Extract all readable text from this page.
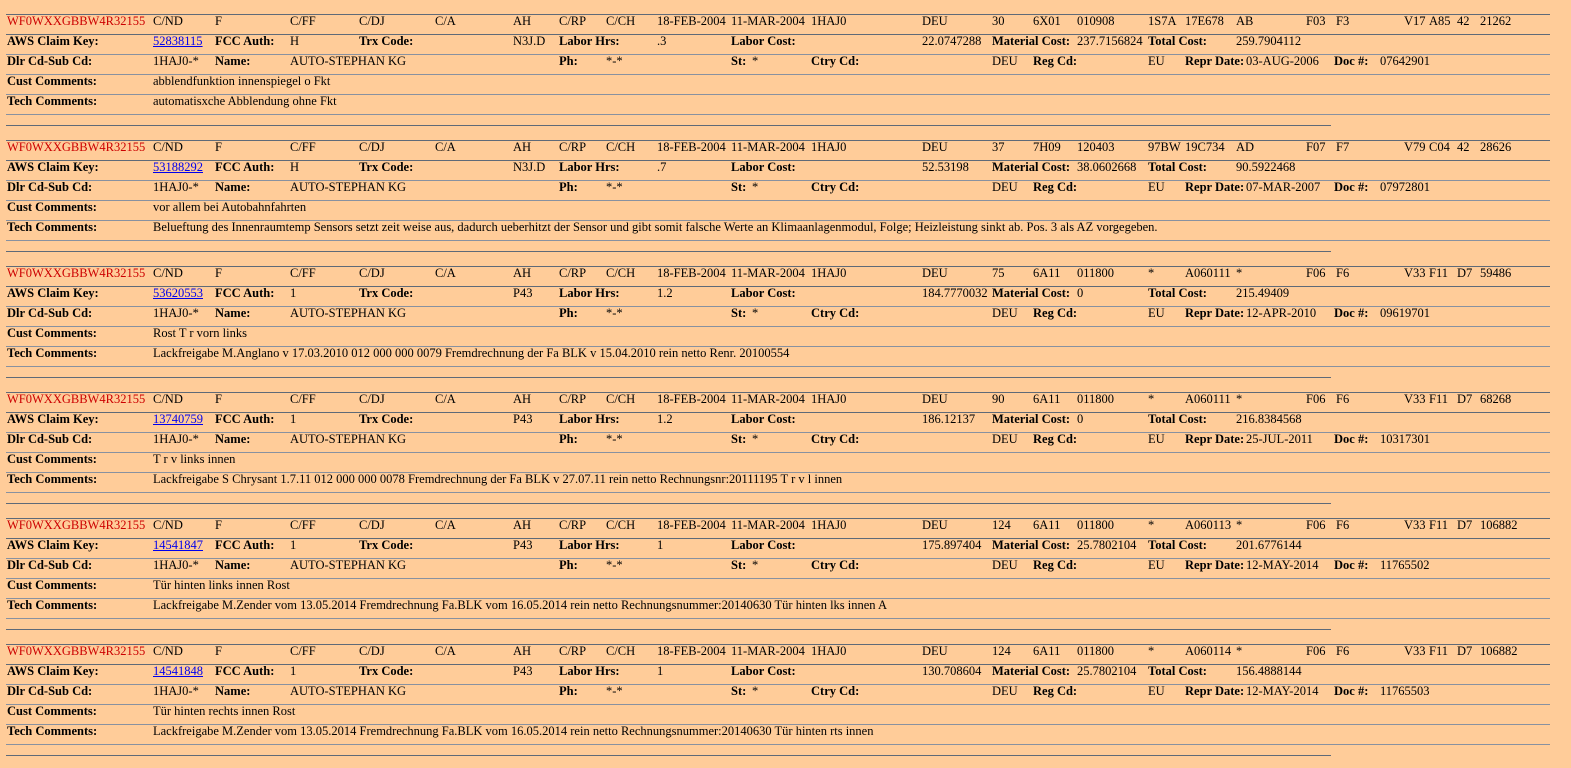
WF0WXXGBBW4R32155 C/ND	F	C/FF	C/DJ	C/A	AH C/RP C/CH 18-FEB-2004 11-MAR-2004 1HAJ0	DEU	30 6X01 010908	1S7A 17E678 AB	F03 F3	V17 A85 42 21262
AWS Claim Key:	52838115 FCC Auth: H	Trx Code:	N3J.D Labor Hrs:	.3	Labor Cost:	22.0747288 Material Cost: 237.7156824 Total Cost: 259.7904112
Dlr Cd-Sub Cd:	1HAJ0-* Name:	AUTO-STEPHAN KG	Ph: *-*	St: *	Ctry Cd:	DEU Reg Cd:	EU Repr Date: 03-AUG-2006 Doc #: 07642901
Cust Comments:	abblendfunktion innenspiegel o Fkt
Tech Comments:	automatisxche Abblendung ohne Fkt
WF0WXXGBBW4R32155 C/ND	F	C/FF	C/DJ	C/A	AH C/RP C/CH 18-FEB-2004 11-MAR-2004 1HAJ0	DEU	37 7H09 120403	97BW 19C734 AD	F07 F7	V79 C04 42 28626
AWS Claim Key:	53188292 FCC Auth: H	Trx Code:	N3J.D Labor Hrs:	.7	Labor Cost:	52.53198 Material Cost: 38.0602668 Total Cost: 90.5922468
Dlr Cd-Sub Cd:	1HAJ0-* Name:	AUTO-STEPHAN KG	Ph: *-*	St: *	Ctry Cd:	DEU Reg Cd:	EU Repr Date: 07-MAR-2007 Doc #: 07972801
Cust Comments:	vor allem bei Autobahnfahrten
Tech Comments:	Belueftung des Innenraumtemp Sensors setzt zeit weise aus, dadurch ueberhitzt der Sensor und gibt somit falsche Werte an Klimaanlagenmodul, Folge; Heizleistung sinkt ab. Pos. 3 als AZ vorgegeben.
WF0WXXGBBW4R32155 C/ND	F	C/FF	C/DJ	C/A	AH C/RP C/CH 18-FEB-2004 11-MAR-2004 1HAJ0	DEU	75 6A11 011800	* A060111 *	F06 F6	V33 F11 D7 59486
AWS Claim Key:	53620553 FCC Auth: 1	Trx Code:	P43 Labor Hrs:	1.2	Labor Cost:	184.7770032 Material Cost: 0	Total Cost: 215.49409
Dlr Cd-Sub Cd:	1HAJ0-* Name:	AUTO-STEPHAN KG	Ph: *-*	St: *	Ctry Cd:	DEU Reg Cd:	EU Repr Date: 12-APR-2010 Doc #: 09619701
Cust Comments:	Rost T r vorn links
Tech Comments:	Lackfreigabe M.Anglano v 17.03.2010 012 000 000 0079 Fremdrechnung der Fa BLK v 15.04.2010 rein netto Renr. 20100554
WF0WXXGBBW4R32155 C/ND	F	C/FF	C/DJ	C/A	AH C/RP C/CH 18-FEB-2004 11-MAR-2004 1HAJ0	DEU	90 6A11 011800	* A060111 *	F06 F6	V33 F11 D7 68268
AWS Claim Key:	13740759 FCC Auth: 1	Trx Code:	P43 Labor Hrs:	1.2	Labor Cost:	186.12137 Material Cost: 0	Total Cost: 216.8384568
Dlr Cd-Sub Cd:	1HAJ0-* Name:	AUTO-STEPHAN KG	Ph: *-*	St: *	Ctry Cd:	DEU Reg Cd:	EU Repr Date: 25-JUL-2011 Doc #: 10317301
Cust Comments:	T r v links innen
Tech Comments:	Lackfreigabe S Chrysant 1.7.11 012 000 000 0078 Fremdrechnung der Fa BLK v 27.07.11 rein netto Rechnungsnr:20111195 T r v l innen
WF0WXXGBBW4R32155 C/ND	F	C/FF	C/DJ	C/A	AH C/RP C/CH 18-FEB-2004 11-MAR-2004 1HAJ0	DEU	124 6A11 011800	* A060113 *	F06 F6	V33 F11 D7 106882
AWS Claim Key:	14541847 FCC Auth: 1	Trx Code:	P43 Labor Hrs:	1	Labor Cost:	175.897404 Material Cost: 25.7802104 Total Cost: 201.6776144
Dlr Cd-Sub Cd:	1HAJ0-* Name:	AUTO-STEPHAN KG	Ph: *-*	St: *	Ctry Cd:	DEU Reg Cd:	EU Repr Date: 12-MAY-2014 Doc #: 11765502
Cust Comments:	Tür hinten links innen Rost
Tech Comments:	Lackfreigabe M.Zender vom 13.05.2014 Fremdrechnung Fa.BLK vom 16.05.2014 rein netto Rechnungsnummer:20140630 Tür hinten lks innen A
WF0WXXGBBW4R32155 C/ND	F	C/FF	C/DJ	C/A	AH C/RP C/CH 18-FEB-2004 11-MAR-2004 1HAJ0	DEU	124 6A11 011800	* A060114 *	F06 F6	V33 F11 D7 106882
AWS Claim Key:	14541848 FCC Auth: 1	Trx Code:	P43 Labor Hrs:	1	Labor Cost:	130.708604 Material Cost: 25.7802104 Total Cost: 156.4888144
Dlr Cd-Sub Cd:	1HAJ0-* Name:	AUTO-STEPHAN KG	Ph: *-*	St: *	Ctry Cd:	DEU Reg Cd:	EU Repr Date: 12-MAY-2014 Doc #: 11765503
Cust Comments:	Tür hinten rechts innen Rost
Tech Comments:	Lackfreigabe M.Zender vom 13.05.2014 Fremdrechnung Fa.BLK vom 16.05.2014 rein netto Rechnungsnummer:20140630 Tür hinten rts innen
